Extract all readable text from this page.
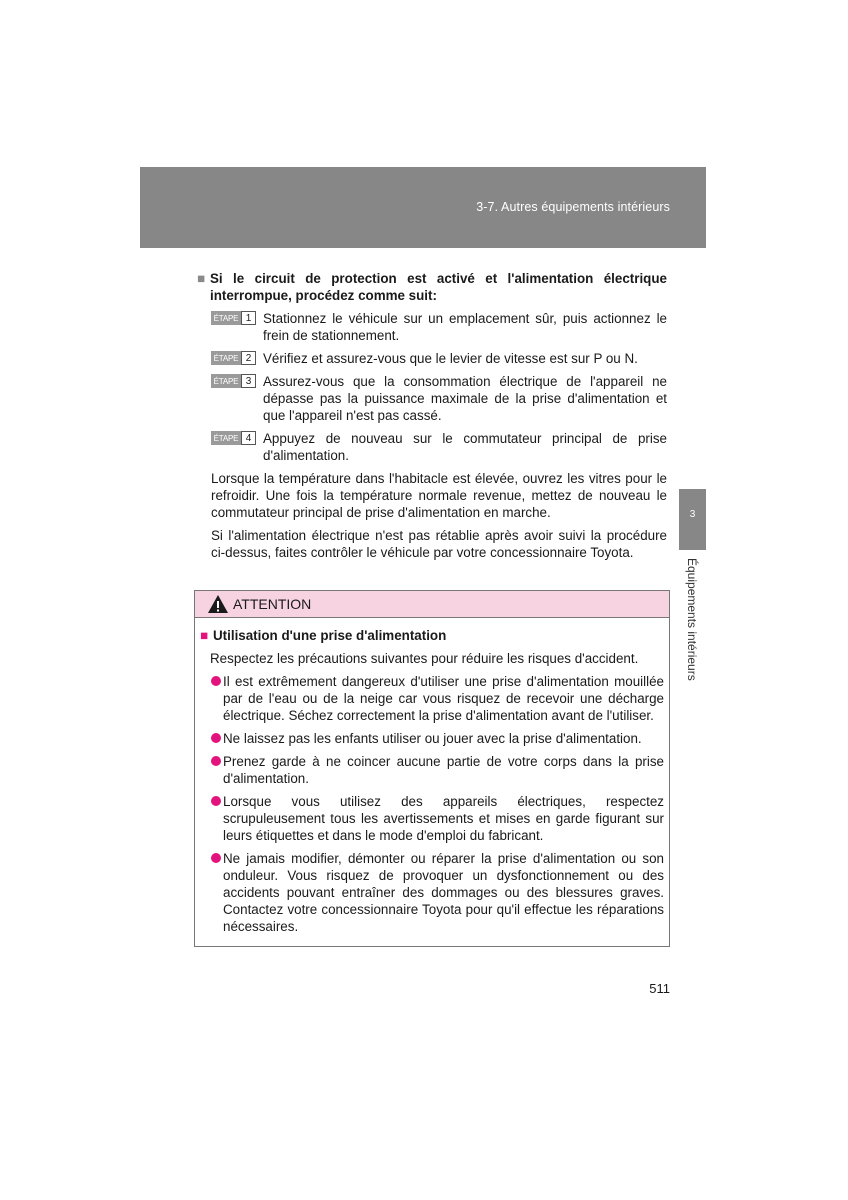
3-7. Autres équipements intérieurs
3
Équipements intérieurs
■ Si le circuit de protection est activé et l'alimentation électrique interrompue, procédez comme suit:
ÉTAPE 1 Stationnez le véhicule sur un emplacement sûr, puis actionnez le frein de stationnement.
ÉTAPE 2 Vérifiez et assurez-vous que le levier de vitesse est sur P ou N.
ÉTAPE 3 Assurez-vous que la consommation électrique de l'appareil ne dépasse pas la puissance maximale de la prise d'alimentation et que l'appareil n'est pas cassé.
ÉTAPE 4 Appuyez de nouveau sur le commutateur principal de prise d'alimentation.

Lorsque la température dans l'habitacle est élevée, ouvrez les vitres pour le refroidir. Une fois la température normale revenue, mettez de nouveau le commutateur principal de prise d'alimentation en marche.

Si l'alimentation électrique n'est pas rétablie après avoir suivi la procédure ci-dessus, faites contrôler le véhicule par votre concessionnaire Toyota.

ATTENTION
■ Utilisation d'une prise d'alimentation
Respectez les précautions suivantes pour réduire les risques d'accident.
Il est extrêmement dangereux d'utiliser une prise d'alimentation mouillée par de l'eau ou de la neige car vous risquez de recevoir une décharge électrique. Séchez correctement la prise d'alimentation avant de l'utiliser.
Ne laissez pas les enfants utiliser ou jouer avec la prise d'alimentation.
Prenez garde à ne coincer aucune partie de votre corps dans la prise d'alimentation.
Lorsque vous utilisez des appareils électriques, respectez scrupuleusement tous les avertissements et mises en garde figurant sur leurs étiquettes et dans le mode d'emploi du fabricant.
Ne jamais modifier, démonter ou réparer la prise d'alimentation ou son onduleur. Vous risquez de provoquer un dysfonctionnement ou des accidents pouvant entraîner des dommages ou des blessures graves. Contactez votre concessionnaire Toyota pour qu'il effectue les réparations nécessaires.
511
